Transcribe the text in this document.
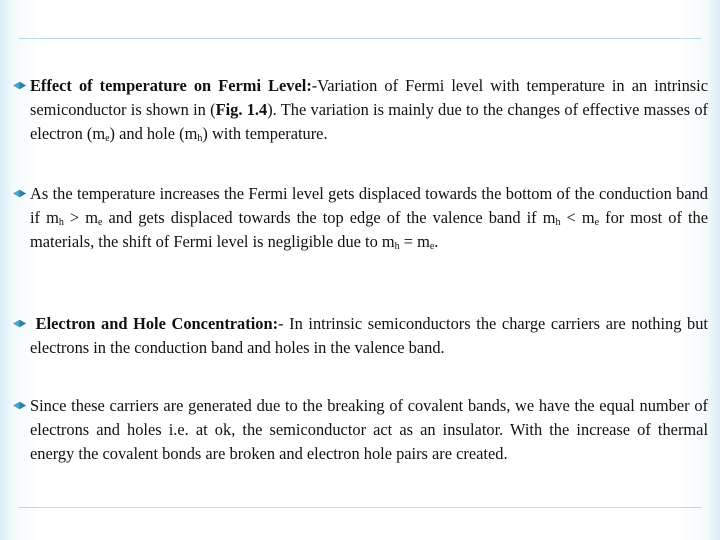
Effect of temperature on Fermi Level:-Variation of Fermi level with temperature in an intrinsic semiconductor is shown in (Fig. 1.4). The variation is mainly due to the changes of effective masses of electron $(m_e)$ and hole $(m_h)$ with temperature.
As the temperature increases the Fermi level gets displaced towards the bottom of the conduction band if $m_h > m_e$ and gets displaced towards the top edge of the valence band if $m_h < m_e$ for most of the materials, the shift of Fermi level is negligible due to $m_h = m_e$.
Electron and Hole Concentration:- In intrinsic semiconductors the charge carriers are nothing but electrons in the conduction band and holes in the valence band.
Since these carriers are generated due to the breaking of covalent bands, we have the equal number of electrons and holes i.e. at ok, the semiconductor act as an insulator. With the increase of thermal energy the covalent bonds are broken and electron hole pairs are created.
